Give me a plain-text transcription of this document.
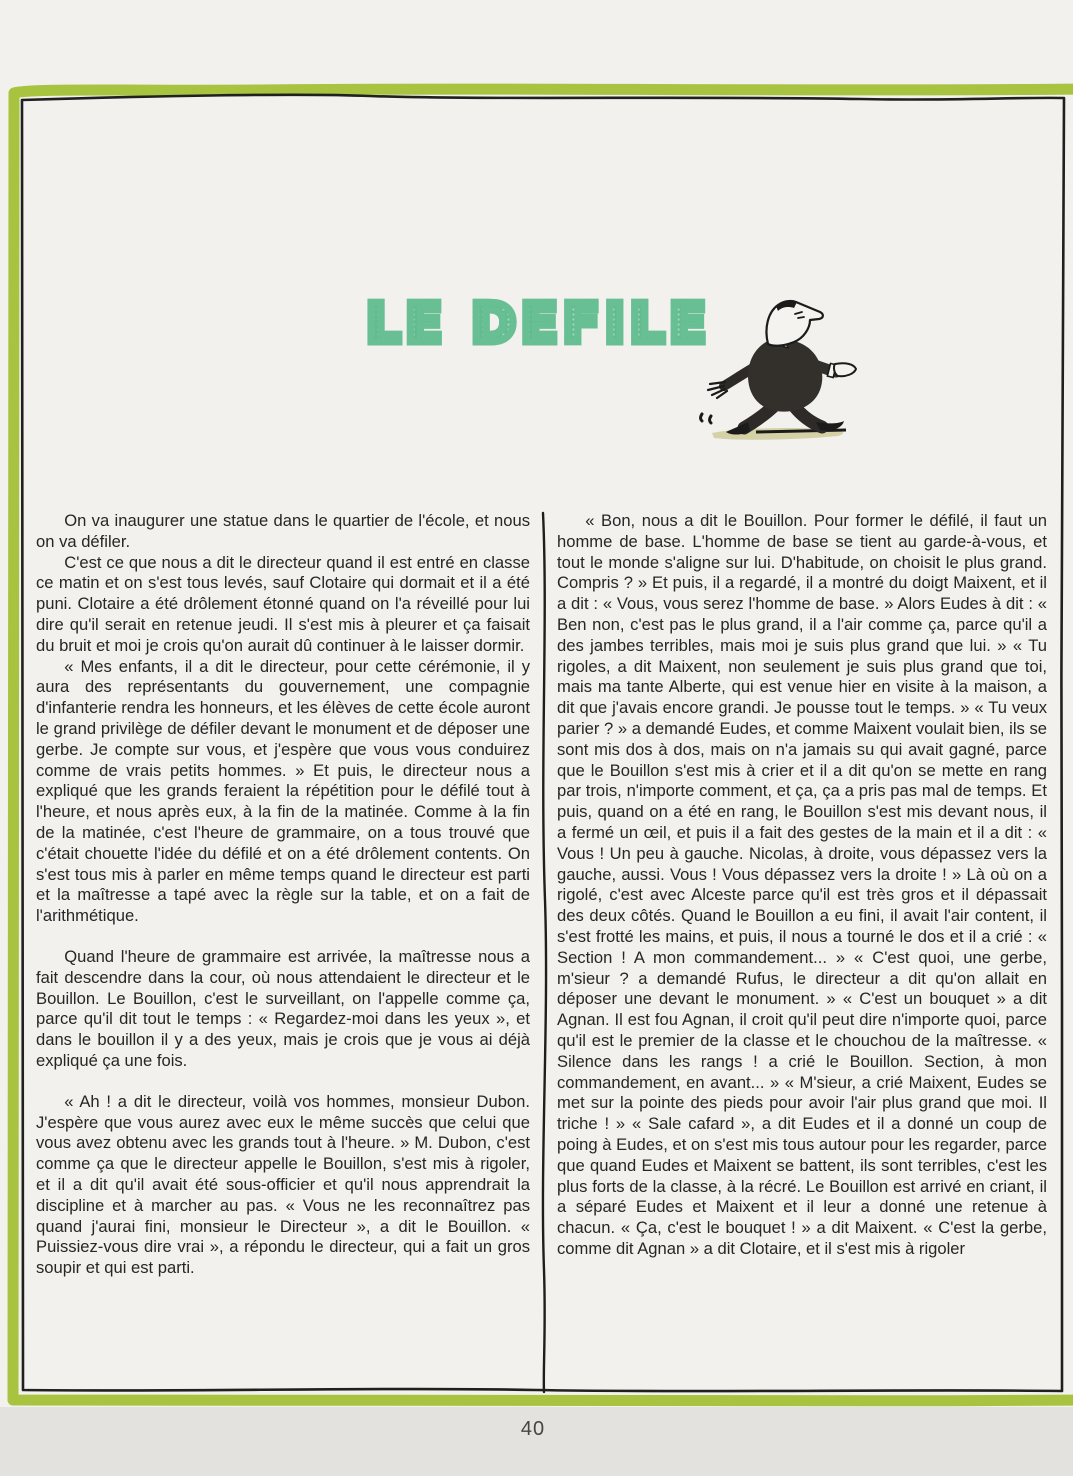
LE DEFILE

On va inaugurer une statue dans le quartier de l'école, et nous on va défiler.

C'est ce que nous a dit le directeur quand il est entré en classe ce matin et on s'est tous levés, sauf Clotaire qui dormait et il a été puni. Clotaire a été drôlement étonné quand on l'a réveillé pour lui dire qu'il serait en retenue jeudi. Il s'est mis à pleurer et ça faisait du bruit et moi je crois qu'on aurait dû continuer à le laisser dormir.

« Mes enfants, il a dit le directeur, pour cette cérémonie, il y aura des représentants du gouvernement, une compagnie d'infanterie rendra les honneurs, et les élèves de cette école auront le grand privilège de défiler devant le monument et de déposer une gerbe. Je compte sur vous, et j'espère que vous vous conduirez comme de vrais petits hommes. » Et puis, le directeur nous a expliqué que les grands feraient la répétition pour le défilé tout à l'heure, et nous après eux, à la fin de la matinée. Comme à la fin de la matinée, c'est l'heure de grammaire, on a tous trouvé que c'était chouette l'idée du défilé et on a été drôlement contents. On s'est tous mis à parler en même temps quand le directeur est parti et la maîtresse a tapé avec la règle sur la table, et on a fait de l'arithmétique.

Quand l'heure de grammaire est arrivée, la maîtresse nous a fait descendre dans la cour, où nous attendaient le directeur et le Bouillon. Le Bouillon, c'est le surveillant, on l'appelle comme ça, parce qu'il dit tout le temps : « Regardez-moi dans les yeux », et dans le bouillon il y a des yeux, mais je crois que je vous ai déjà expliqué ça une fois.

« Ah ! a dit le directeur, voilà vos hommes, monsieur Dubon. J'espère que vous aurez avec eux le même succès que celui que vous avez obtenu avec les grands tout à l'heure. » M. Dubon, c'est comme ça que le directeur appelle le Bouillon, s'est mis à rigoler, et il a dit qu'il avait été sous-officier et qu'il nous apprendrait la discipline et à marcher au pas. « Vous ne les reconnaîtrez pas quand j'aurai fini, monsieur le Directeur », a dit le Bouillon. « Puissiez-vous dire vrai », a répondu le directeur, qui a fait un gros soupir et qui est parti.

« Bon, nous a dit le Bouillon. Pour former le défilé, il faut un homme de base. L'homme de base se tient au garde-à-vous, et tout le monde s'aligne sur lui. D'habitude, on choisit le plus grand. Compris ? » Et puis, il a regardé, il a montré du doigt Maixent, et il a dit : « Vous, vous serez l'homme de base. » Alors Eudes à dit : « Ben non, c'est pas le plus grand, il a l'air comme ça, parce qu'il a des jambes terribles, mais moi je suis plus grand que lui. » « Tu rigoles, a dit Maixent, non seulement je suis plus grand que toi, mais ma tante Alberte, qui est venue hier en visite à la maison, a dit que j'avais encore grandi. Je pousse tout le temps. » « Tu veux parier ? » a demandé Eudes, et comme Maixent voulait bien, ils se sont mis dos à dos, mais on n'a jamais su qui avait gagné, parce que le Bouillon s'est mis à crier et il a dit qu'on se mette en rang par trois, n'importe comment, et ça, ça a pris pas mal de temps. Et puis, quand on a été en rang, le Bouillon s'est mis devant nous, il a fermé un œil, et puis il a fait des gestes de la main et il a dit : « Vous ! Un peu à gauche. Nicolas, à droite, vous dépassez vers la gauche, aussi. Vous ! Vous dépassez vers la droite ! » Là où on a rigolé, c'est avec Alceste parce qu'il est très gros et il dépassait des deux côtés. Quand le Bouillon a eu fini, il avait l'air content, il s'est frotté les mains, et puis, il nous a tourné le dos et il a crié : « Section ! A mon commandement... » « C'est quoi, une gerbe, m'sieur ? a demandé Rufus, le directeur a dit qu'on allait en déposer une devant le monument. » « C'est un bouquet » a dit Agnan. Il est fou Agnan, il croit qu'il peut dire n'importe quoi, parce qu'il est le premier de la classe et le chouchou de la maîtresse. « Silence dans les rangs ! a crié le Bouillon. Section, à mon commandement, en avant... » « M'sieur, a crié Maixent, Eudes se met sur la pointe des pieds pour avoir l'air plus grand que moi. Il triche ! » « Sale cafard », a dit Eudes et il a donné un coup de poing à Eudes, et on s'est mis tous autour pour les regarder, parce que quand Eudes et Maixent se battent, ils sont terribles, c'est les plus forts de la classe, à la récré. Le Bouillon est arrivé en criant, il a séparé Eudes et Maixent et il leur a donné une retenue à chacun. « Ça, c'est le bouquet ! » a dit Maixent. « C'est la gerbe, comme dit Agnan » a dit Clotaire, et il s'est mis à rigoler

40
